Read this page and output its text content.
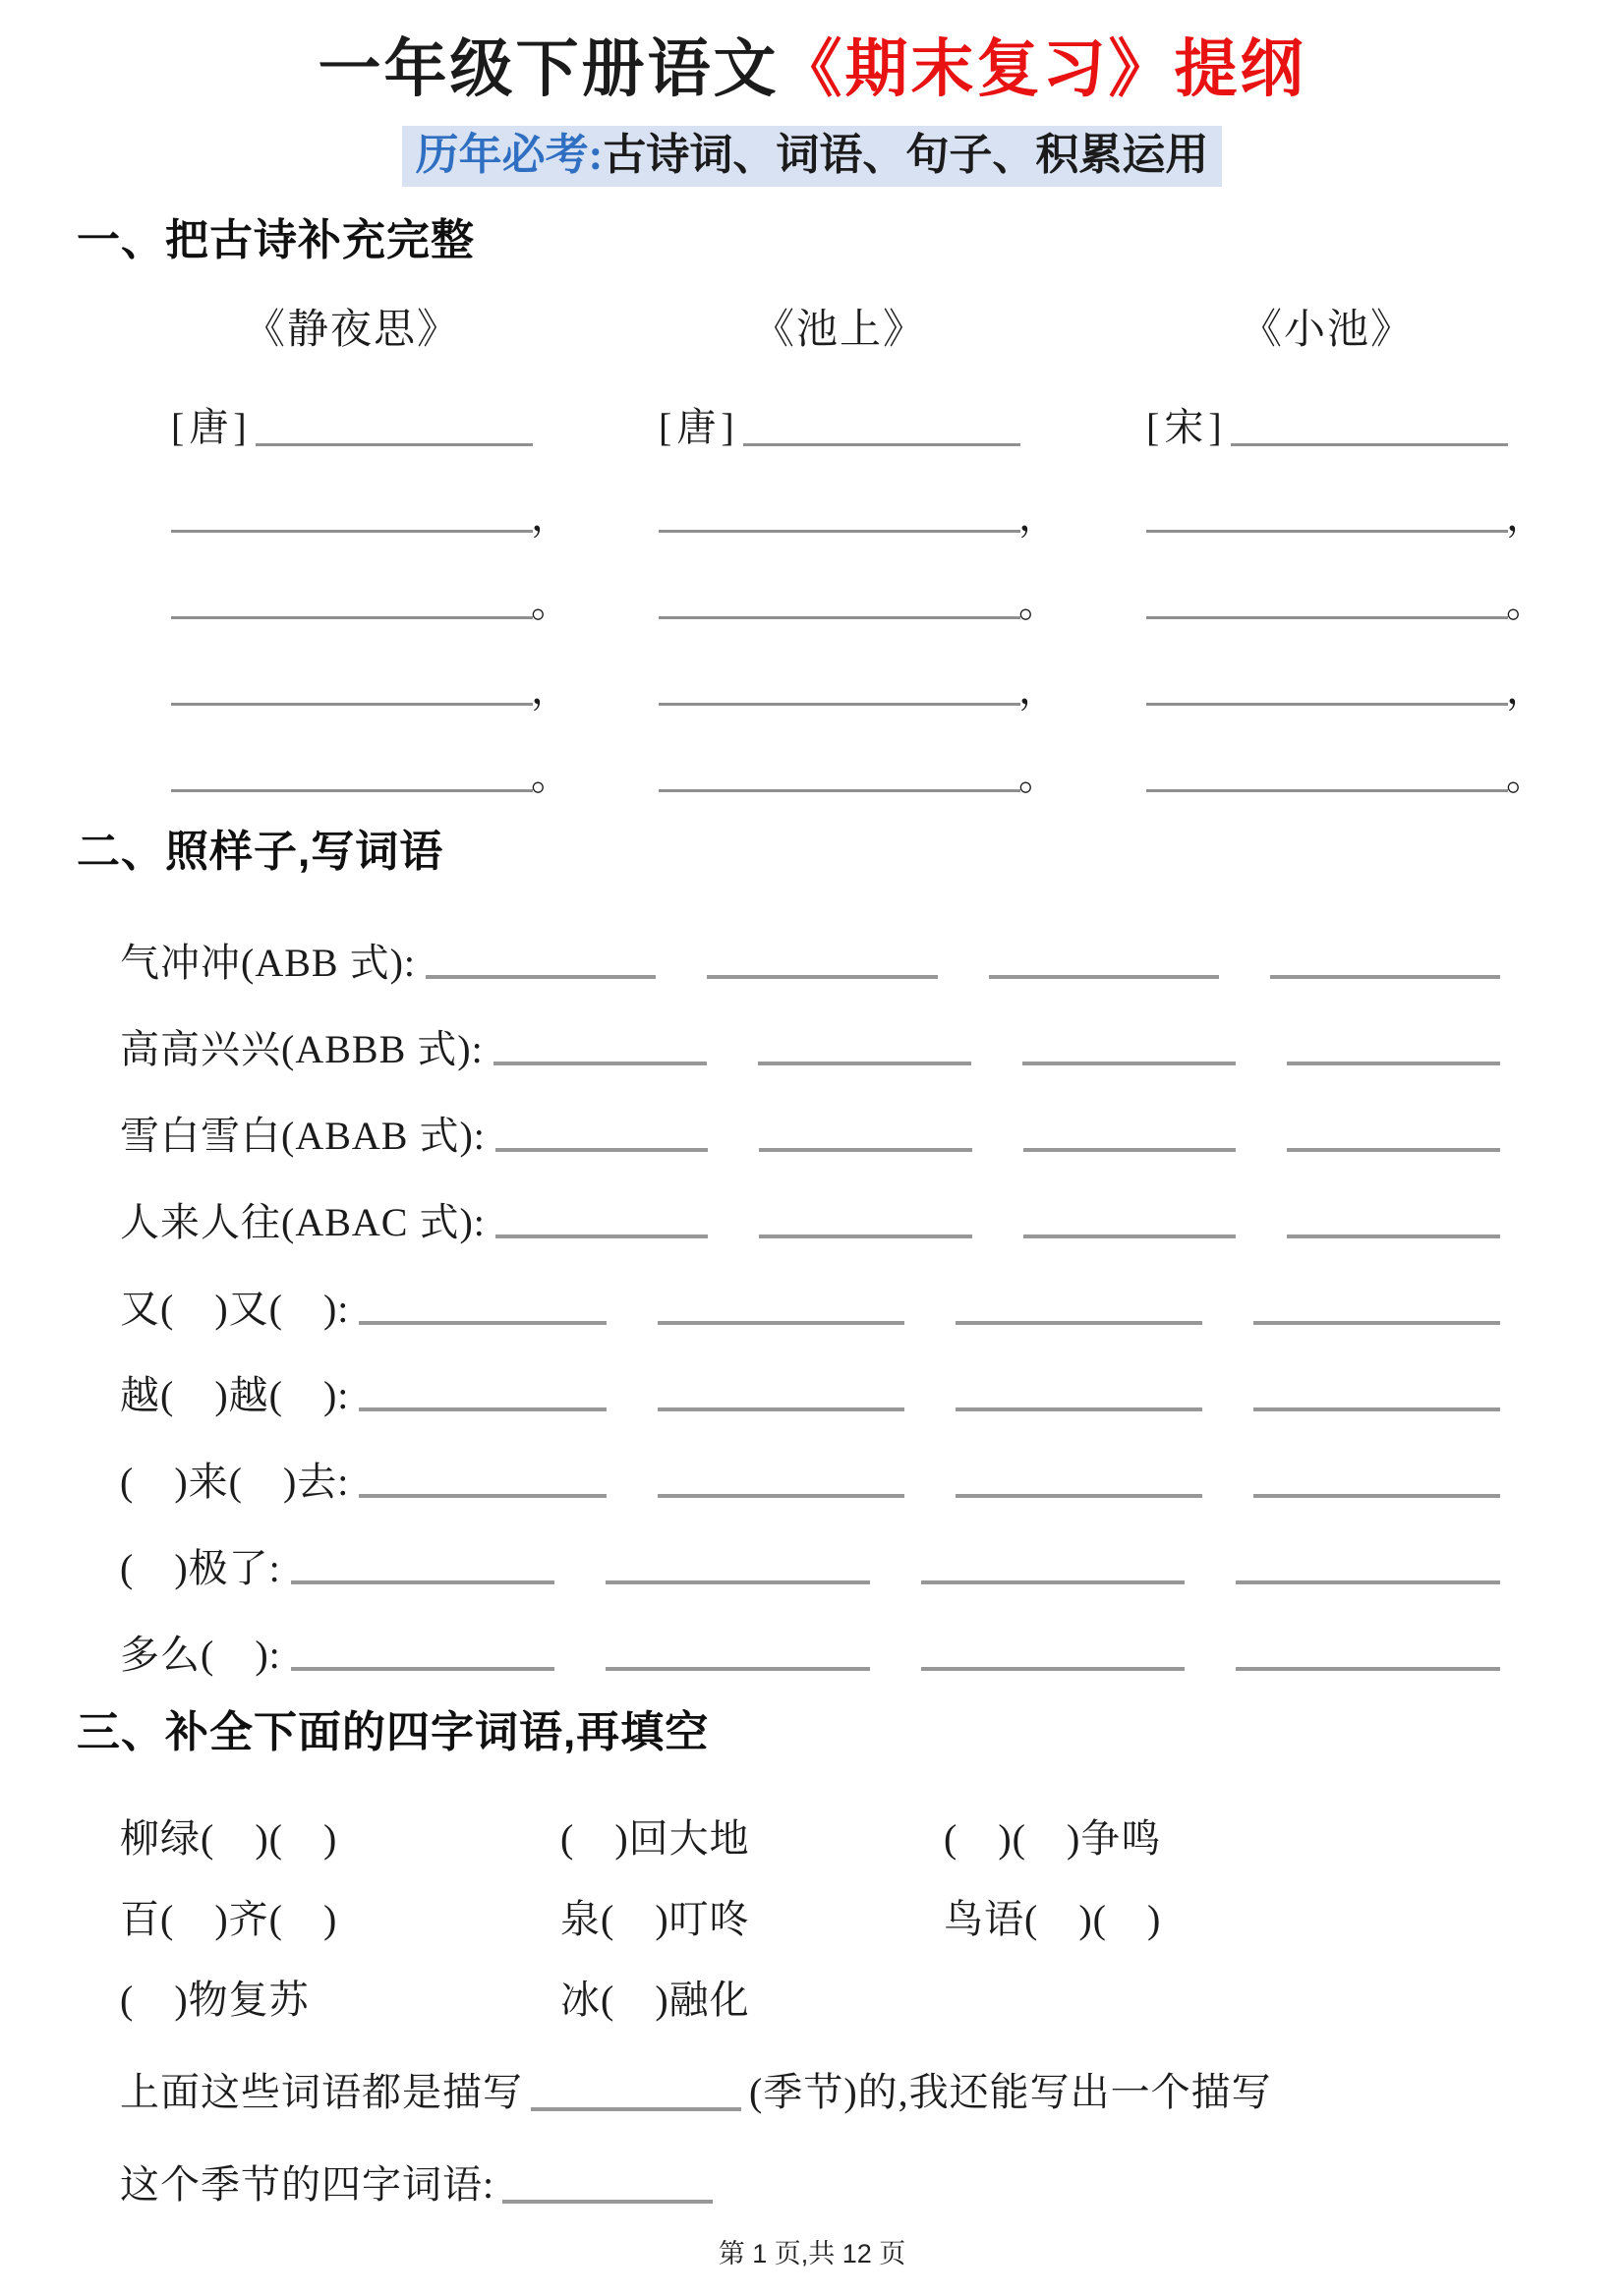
一年级下册语文《期末复习》提纲
历年必考:古诗词、词语、句子、积累运用
一、把古诗补充完整
《静夜思》
[唐]
，
。
，
。
《池上》
[唐]
，
。
，
。
《小池》
[宋]
，
。
，
。
二、照样子,写词语
气冲冲(ABB 式):
高高兴兴(ABBB 式):
雪白雪白(ABAB 式):
人来人往(ABAC 式):
又(　)又(　):
越(　)越(　):
(　)来(　)去:
(　)极了:
多么(　):
三、补全下面的四字词语,再填空
柳绿(　)(　)	(　)回大地	(　)(　)争鸣
百(　)齐(　)	泉(　)叮咚	鸟语(　)(　)
(　)物复苏	冰(　)融化
上面这些词语都是描写	(季节)的,我还能写出一个描写
这个季节的四字词语:
第 1 页,共 12 页
